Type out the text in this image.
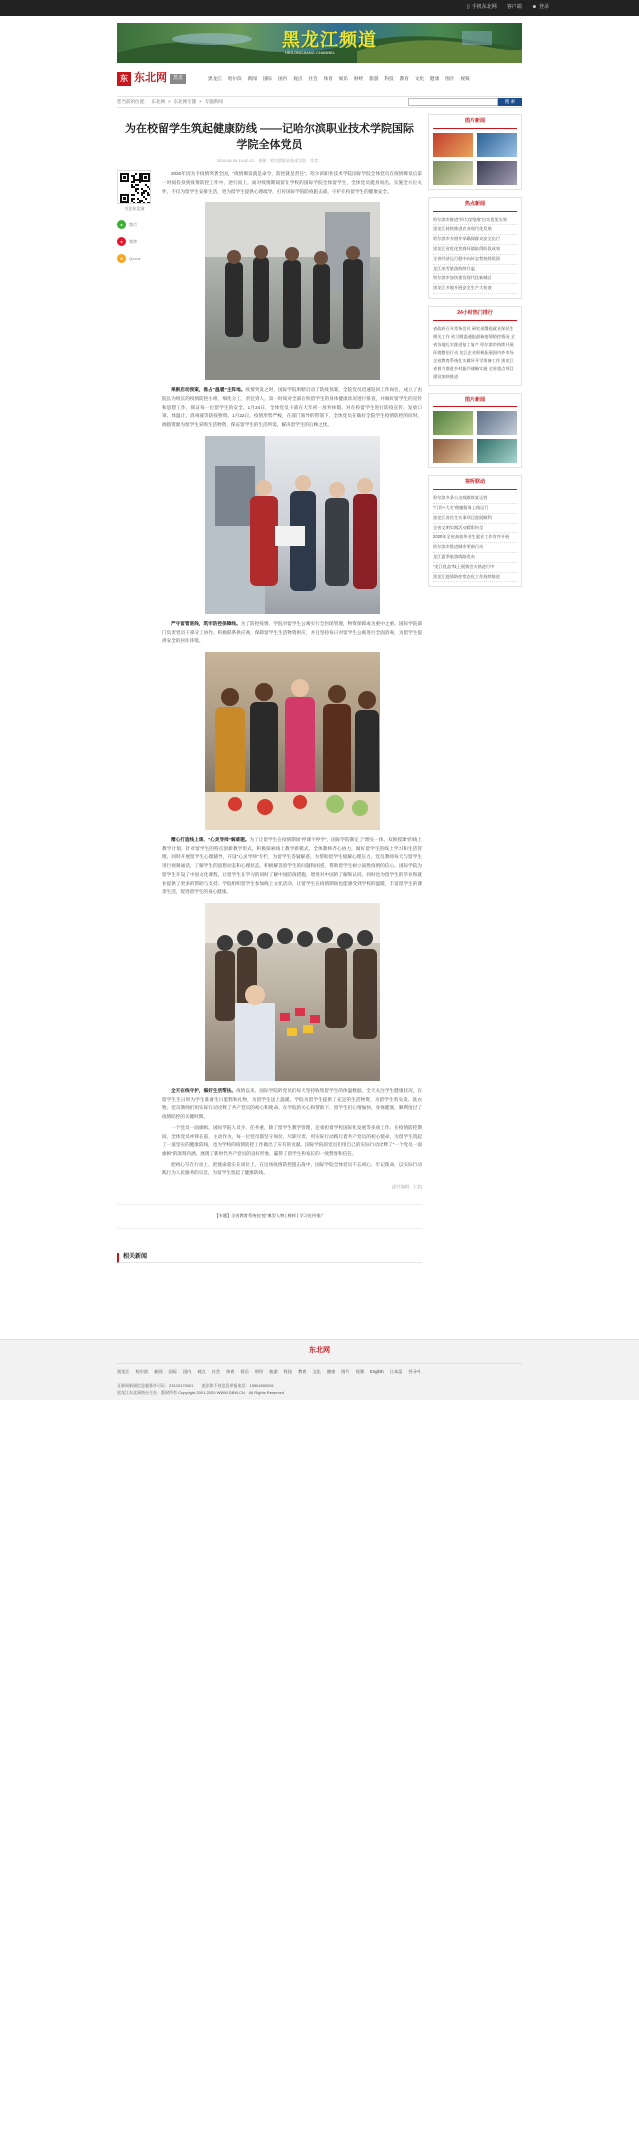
▯ 手机东北网 客户端 ☻ 登录
黑龙江频道
HEILONGJIANG CHANNEL
东 东北网	黑龙	黑龙江 哈尔滨 新闻 国际 国内 观点 社会 体育 娱乐 财经 旅游 科技 教育 文化 健康 图片 视频
您当前的位置： 东北网 > 东北网专题 > 专题新闻	搜 索
为在校留学生筑起健康防线 ——记哈尔滨职业技术学院国际学院全体党员
2020-06-09 10:42:12　来源：哈尔滨职业技术学院　作者：
关注东北网
●	微信
●	微博
★	Qzone

2020年因为卡疫情突袭全国，“疫情爆发就是命令，防控就是责任”。哈尔滨职业技术学院国际学院全体党员在疫情爆发后第一时间投身到疫情防控工作中，逆行而上，面对疫情期间留在学校的国际学院全体留学生，全体党员挺身而出，实施全方位关怀，不仅为留学生安排生活，更为留学生提供心理疏导，打好国际学院防疫阻击战，守护在校留学生的健康安全。

果断启动预案，推占“温暖”主阵地。疫情突发之时，国际学院果断启动了防疫预案，全院党员迅速返回工作岗位，成立了由院长为组长的疫情防控小组，细化分工，责任到人，第一时间对全部在校留学生的身体健康状况进行排查，并做好留学生的宣传和思想工作，保证每一位留学生的安全。1月24日，全体党员干部在大年初一放弃休假，对在校留学生进行防疫宣传，发放口罩、体温计、消毒液等防疫物资。1月22日，疫情形势严峻，在部门领导的带领下，全体党员在做好全院学生疫情防控的同时，调拨资源为留学生采购生活物资，保证留学生的生活所需，解决留学生的后顾之忧。

严守留管底线，筑牢防控保障线。为了防控疫情，学院对留学生公寓实行全封闭管理，物资保障成为重中之重。国际学院部门负责党员干部分工协作，积极联系供应商，保障留学生生活物资供应，并且坚持每日对留学生公寓进行全面消毒，为留学生提供安全的居住环境。

精心打造线上课、“心灵导师”解难题。为了让留学生在疫情期间“停课不停学”，国际学院制定了“理实一体、双师授课”的线上教学计划，针对留学生的特点创新教学形式，积极探索线上教学新模式，全体教师齐心协力，做好留学生的线上学习和生活管理，同时开展留学生心理辅导，开设“心灵导师”专栏，为留学生答疑解惑。为帮助留学生缓解心理压力，党员教师每天与留学生进行视频通话，了解学生的思想动态和心理状态，积极解答留学生的问题和困惑，帮助留学生树立战胜疫情的信心。国际学院为留学生开设了中国文化课程，让留学生在学习的同时了解中国防疫措施，增进对中国的了解和认同，同时也为留学生的毕业和就业提供了更多的帮助与支持。学院组织留学生参加线上文化活动，让留学生在疫情期间也能感受到学校的温暖，丰富留学生的课余生活，促进留学生的身心健康。

全天在线守护，搞好生活帮扶。疫情以来，国际学院的党员们每天坚持收集留学生的体温数据，全天关注学生健康状况，在留学生生日时为学生准备生日蛋糕和礼物，为留学生送上温暖。学院为留学生提供了充足的生活物资，为留学生剪头发、洗衣物，党员教师们用实际行动诠释了共产党员的初心和使命。在学院的关心和帮助下，留学生们心情愉快，身体健康，顺利度过了疫情防控的关键时期。

一个党员一面旗帜。国际学院人员少，任务重，除了留学生教学管理，还承担着学校国际化发展等多项工作。在疫情防控期间，全体党员冲锋在前，主动作为，每一位党员都坚守岗位、尽职尽责，用实际行动践行着共产党员的初心使命，为留学生筑起了一道坚实的健康防线，也为学校的疫情防控工作做出了应有的贡献。国际学院的党员们用自己的实际行动诠释了“一个党员一面旗帜”的深刻内涵，展现了新时代共产党员的良好形象，赢得了留学生和家长的一致赞誉和信任。

把初心写在行动上，把使命落实在岗位上，在这场疫情防控阻击战中，国际学院全体党员不忘初心、牢记使命，以实际行动践行为人民服务的宗旨，为留学生筑起了健康防线。

[责任编辑：王莹]
【专题】全省教育系统抗“疫”典型人物 | 榜样 | 学习宣传推广
相关新闻
图片新闻
热点新闻
哈尔滨市推进“四大攻坚战”出实招见实效
黑龙江持续推进农业现代化发展
哈尔滨市多措并举确保群众安全出行
黑龙江省优化营商环境取得阶段成效
全省经济运行稳中向好态势持续巩固
龙江冰雪旅游持续升温
哈尔滨市加快建设现代化新城区
黑龙江多地开展安全生产大检查
24小时热门排行
省政府召开常务会议 研究部署稳就业保民生相关工作 省卫健委通报最新疫情防控情况 全省各地扎实推进复工复产 哈尔滨市持续开展环境整治行动 龙江企业积极拓展国内外市场 全省教育系统扎实做好开学准备工作 黑龙江省着力推进乡村振兴战略实施 全省重点项目建设加快推进
图片新闻
视听联动
哈尔滨多条公交线路恢复运营
“门诊+大夫”便捷服务上线运行
黑龙江省民生实事项目进展顺利
全省文明实践活动精彩纷呈
2020年全省高校毕业生就业工作有序开展
哈尔滨市推进城市更新行动
龙江夏季旅游线路发布
“龙江优品”线上展销会火热进行中
黑龙江疫情防控常态化工作持续推进
东北网
黑龙江 哈尔滨 新闻 国际 国内 观点 社会 体育 娱乐 财经 旅游 科技 教育 文化 健康 图片 视频 English 日本語 한국어
互联网新闻信息服务许可证：23120170001　　违法和不良信息举报电话：15504500591
黑龙江东北网络台主办　版权所有 Copyright 2001-2020 WWW.DBW.CN　All Rights Reserved
